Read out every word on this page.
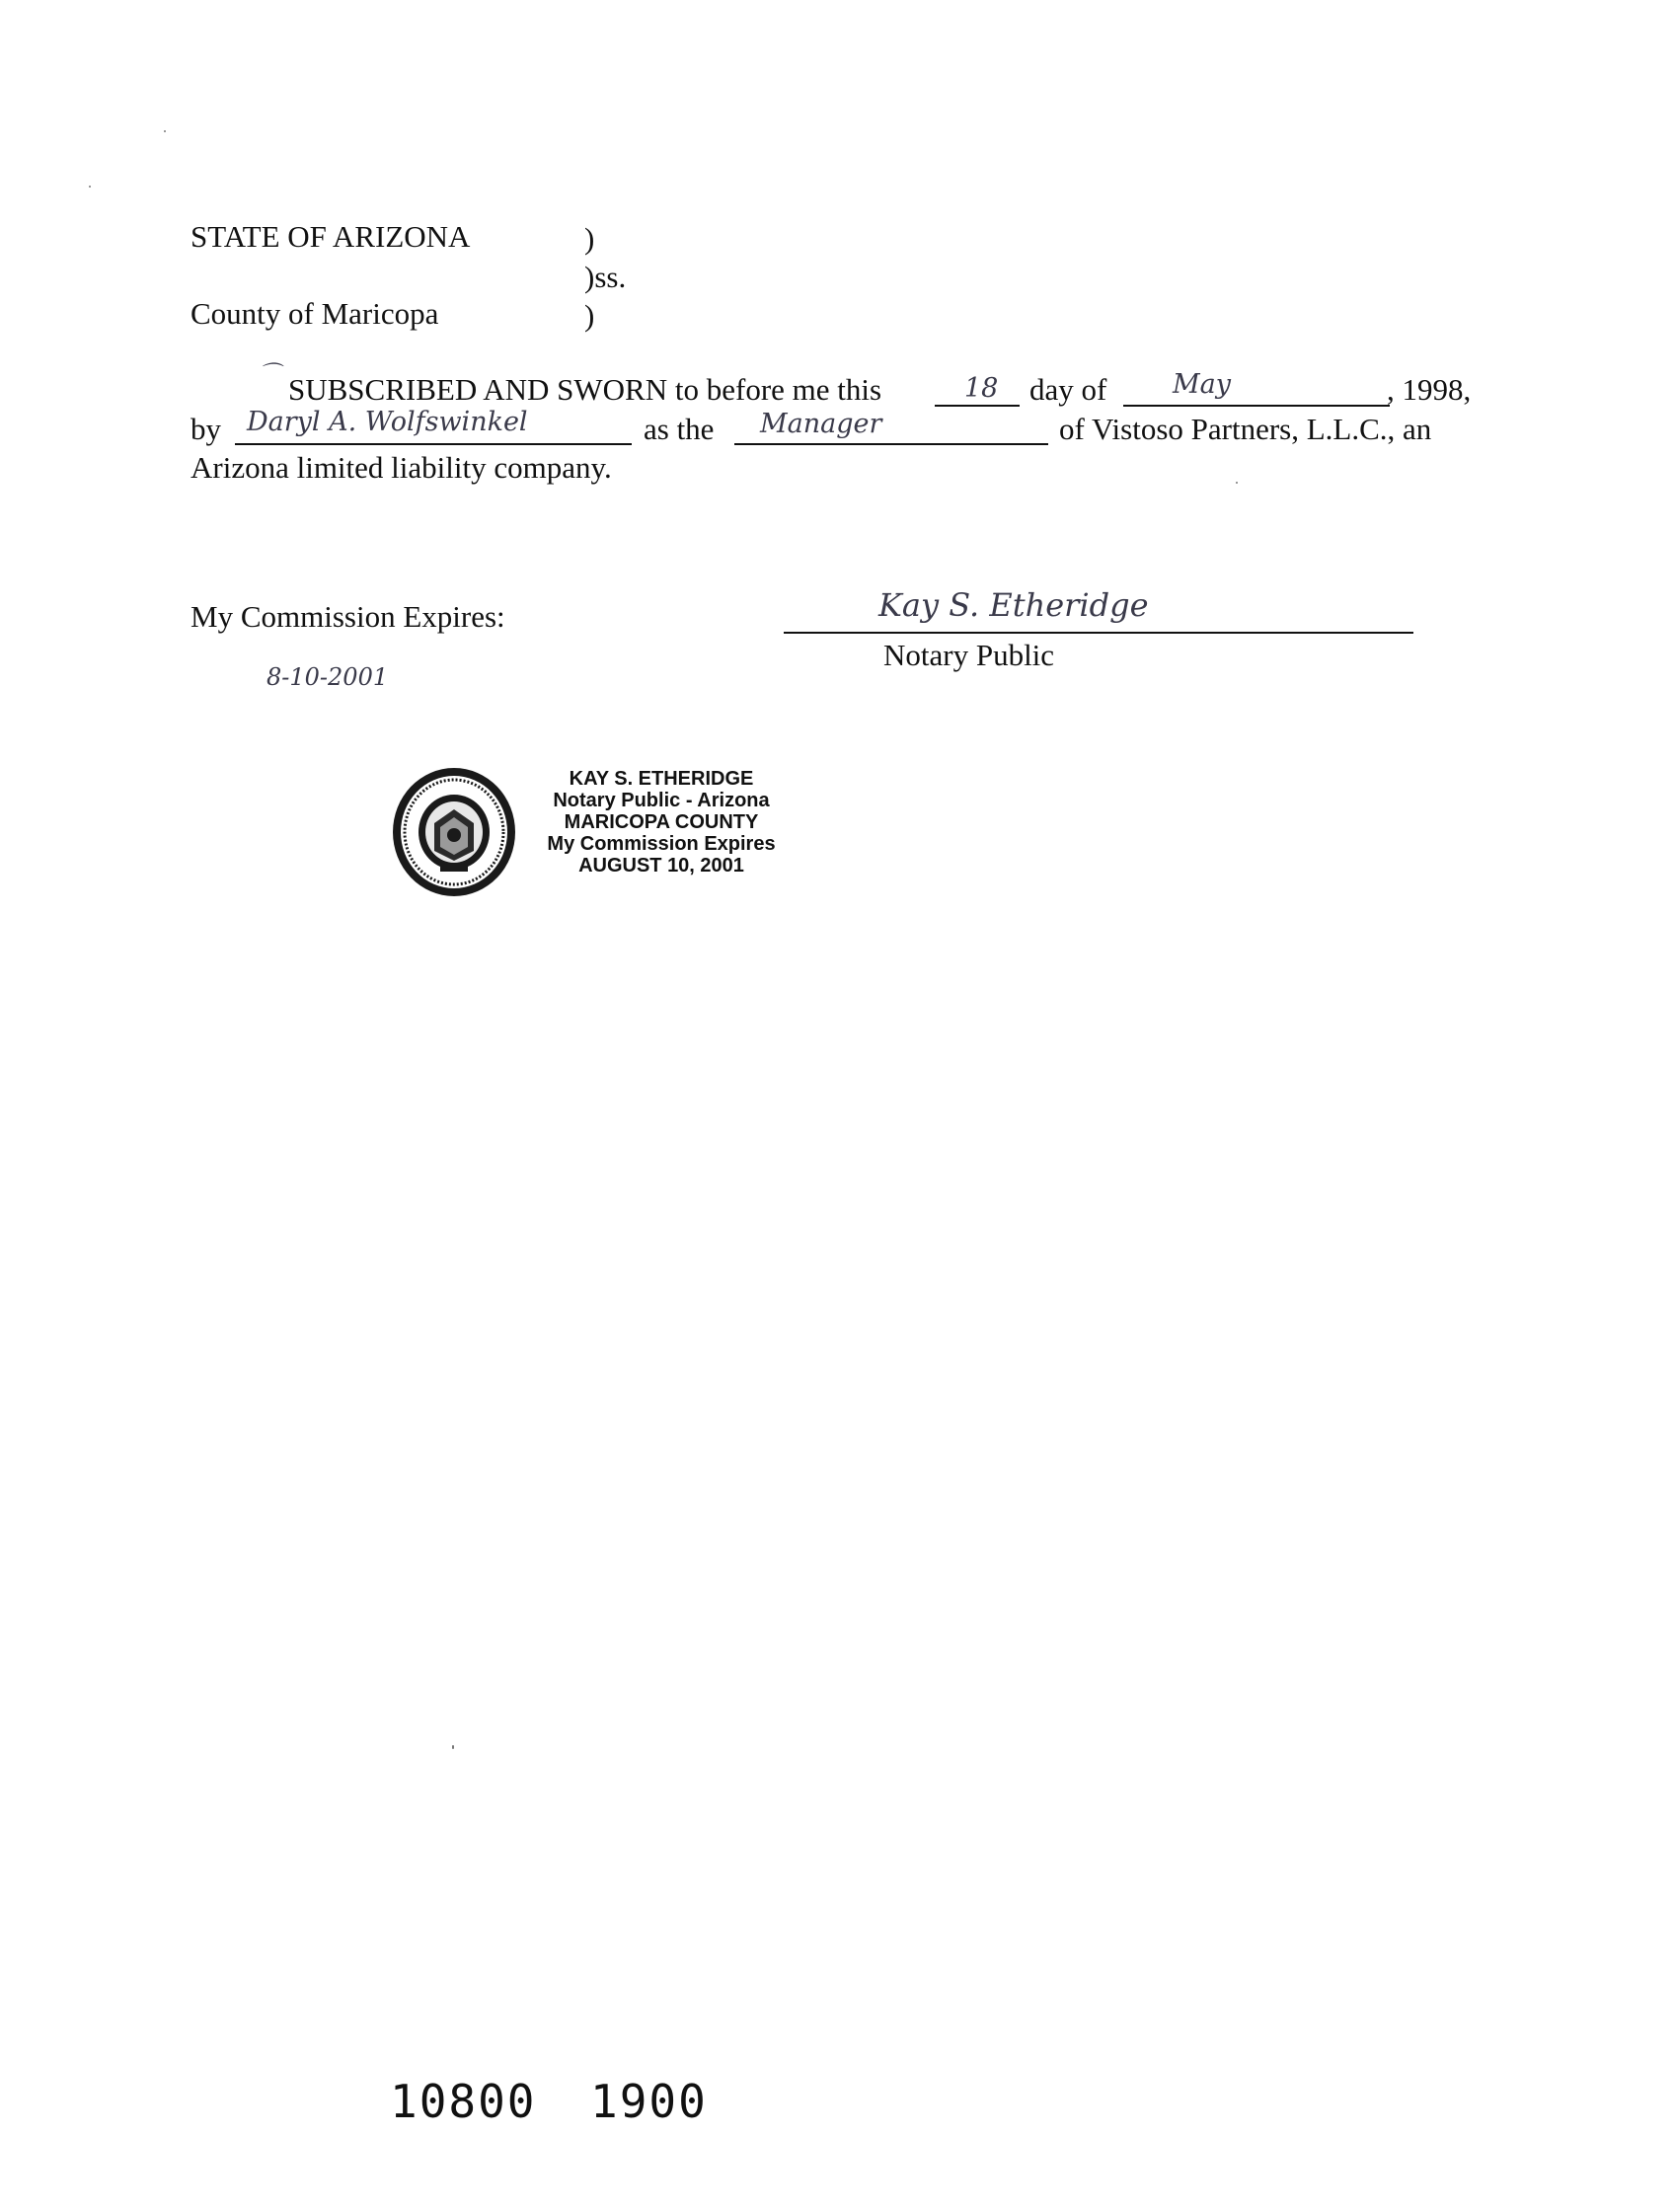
STATE OF ARIZONA	)
)ss.
County of Maricopa	)
⌒ SUBSCRIBED AND SWORN to before me this	18 day of May	, 1998,
by Daryl A. Wolfswinkel	as the Manager	of Vistoso Partners, L.L.C., an
Arizona limited liability company.
My Commission Expires:
8-10-2001
Kay S. Etheridge
Notary Public
KAY S. ETHERIDGE
Notary Public - Arizona
MARICOPA COUNTY
My Commission Expires
AUGUST 10, 2001
10800 1900
